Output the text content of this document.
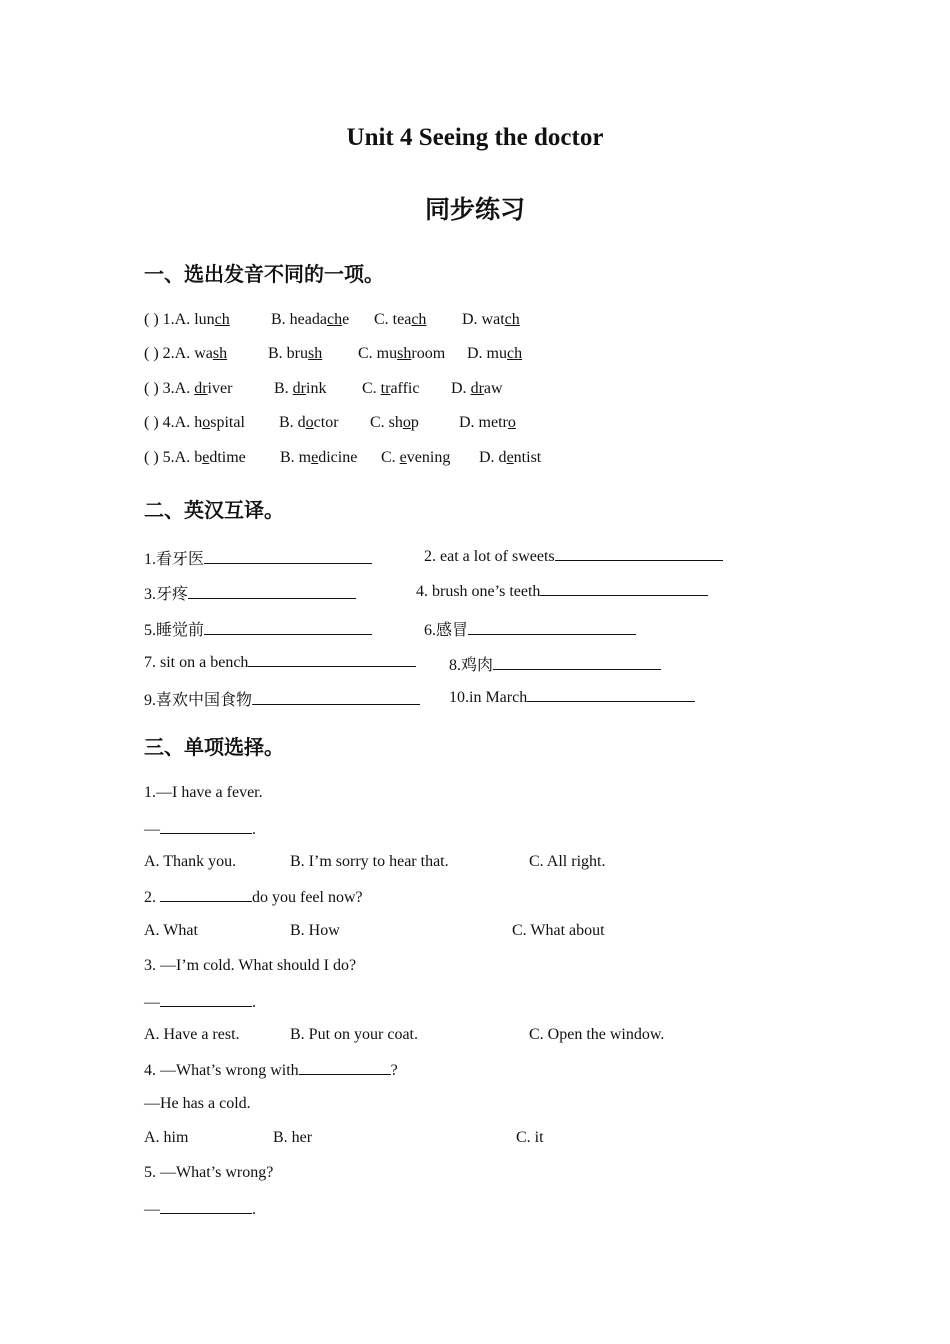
Unit 4 Seeing the doctor
同步练习
一、选出发音不同的一项。
( ) 1.A. lunch	B. headache C. teach D. watch
( ) 2.A. wash	B. brush C. mushroom D. much
( ) 3.A. driver	B. drink C. traffic D. draw
( ) 4.A. hospital B. doctor C. shop	D. metro
( ) 5.A. bedtime B. medicine C. evening D. dentist
二、英汉互译。
1.看牙医	2. eat a lot of sweets
3.牙疼	4. brush one’s teeth
5.睡觉前	6.感冒
7. sit on a bench	8.鸡肉
9.喜欢中国食物	10.in March
三、单项选择。
1.—I have a fever.
—	.
A. Thank you.	B. I’m sorry to hear that.	C. All right.
2.	do you feel now?
A. What	B. How	C. What about
3. —I’m cold. What should I do?
—	.
A. Have a rest.	B. Put on your coat.	C. Open the window.
4. —What’s wrong with	?
—He has a cold.
A. him	B. her	C. it
5. —What’s wrong?
—	.
